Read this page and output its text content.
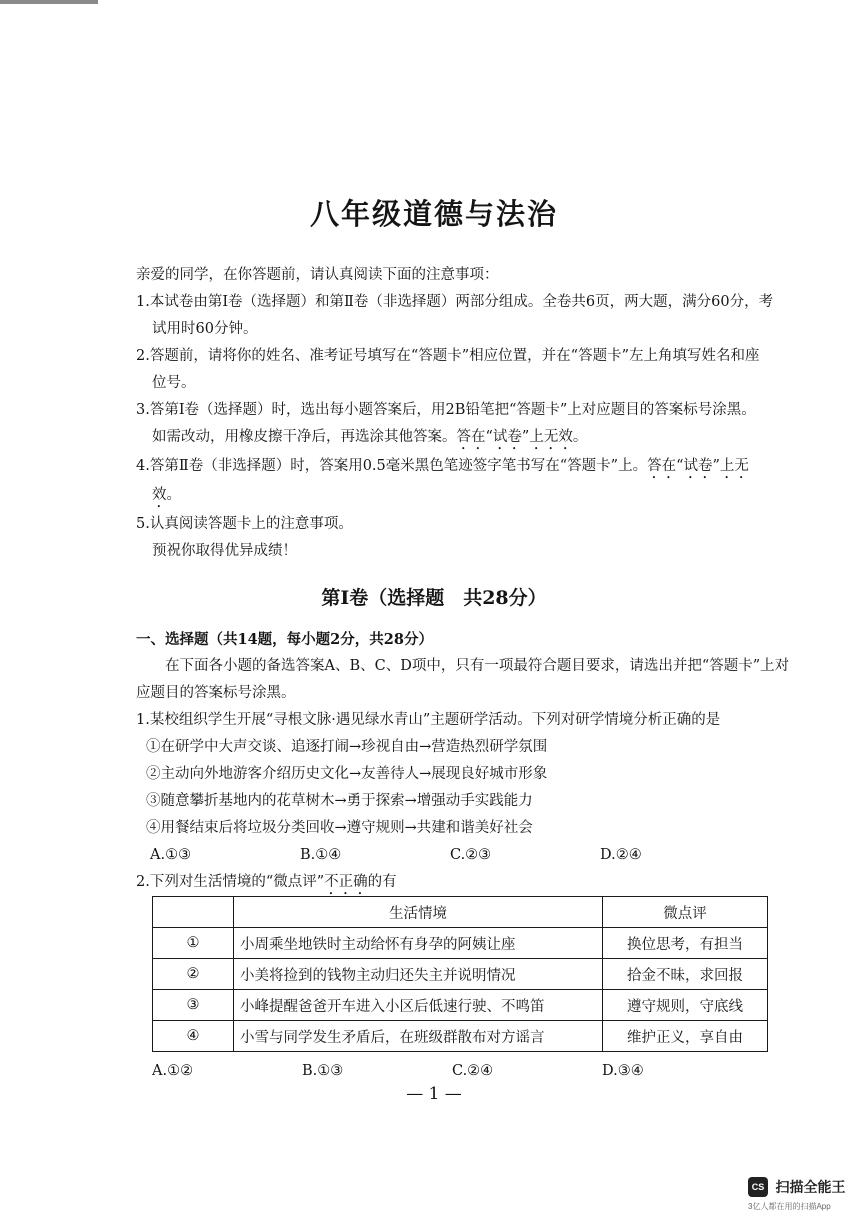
八年级道德与法治

亲爱的同学，在你答题前，请认真阅读下面的注意事项：

1.本试卷由第Ⅰ卷（选择题）和第Ⅱ卷（非选择题）两部分组成。全卷共6页，两大题，满分60分，考

试用时60分钟。

2.答题前，请将你的姓名、准考证号填写在“答题卡”相应位置，并在“答题卡”左上角填写姓名和座

位号。

3.答第Ⅰ卷（选择题）时，选出每小题答案后，用2B铅笔把“答题卡”上对应题目的答案标号涂黑。

如需改动，用橡皮擦干净后，再选涂其他答案。答在“试卷”上无效。

4.答第Ⅱ卷（非选择题）时，答案用0.5毫米黑色笔迹签字笔书写在“答题卡”上。答在“试卷”上无

效。

5.认真阅读答题卡上的注意事项。

预祝你取得优异成绩！

第Ⅰ卷（选择题　共28分）

一、选择题（共14题，每小题2分，共28分）

在下面各小题的备选答案A、B、C、D项中，只有一项最符合题目要求，请选出并把“答题卡”上对应题目的答案标号涂黑。

1.某校组织学生开展“寻根文脉·遇见绿水青山”主题研学活动。下列对研学情境分析正确的是

①在研学中大声交谈、追逐打闹→珍视自由→营造热烈研学氛围

②主动向外地游客介绍历史文化→友善待人→展现良好城市形象

③随意攀折基地内的花草树木→勇于探索→增强动手实践能力

④用餐结束后将垃圾分类回收→遵守规则→共建和谐美好社会

A.①③	B.①④	C.②③	D.②④

2.下列对生活情境的“微点评”不正确的有

	生活情境	微点评
①	小周乘坐地铁时主动给怀有身孕的阿姨让座	换位思考，有担当
②	小美将捡到的钱物主动归还失主并说明情况	拾金不昧，求回报
③	小峰提醒爸爸开车进入小区后低速行驶、不鸣笛	遵守规则，守底线
④	小雪与同学发生矛盾后，在班级群散布对方谣言	维护正义，享自由
A.①②	B.①③	C.②④	D.③④
— 1 —
CS 扫描全能王
3亿人都在用的扫描App
